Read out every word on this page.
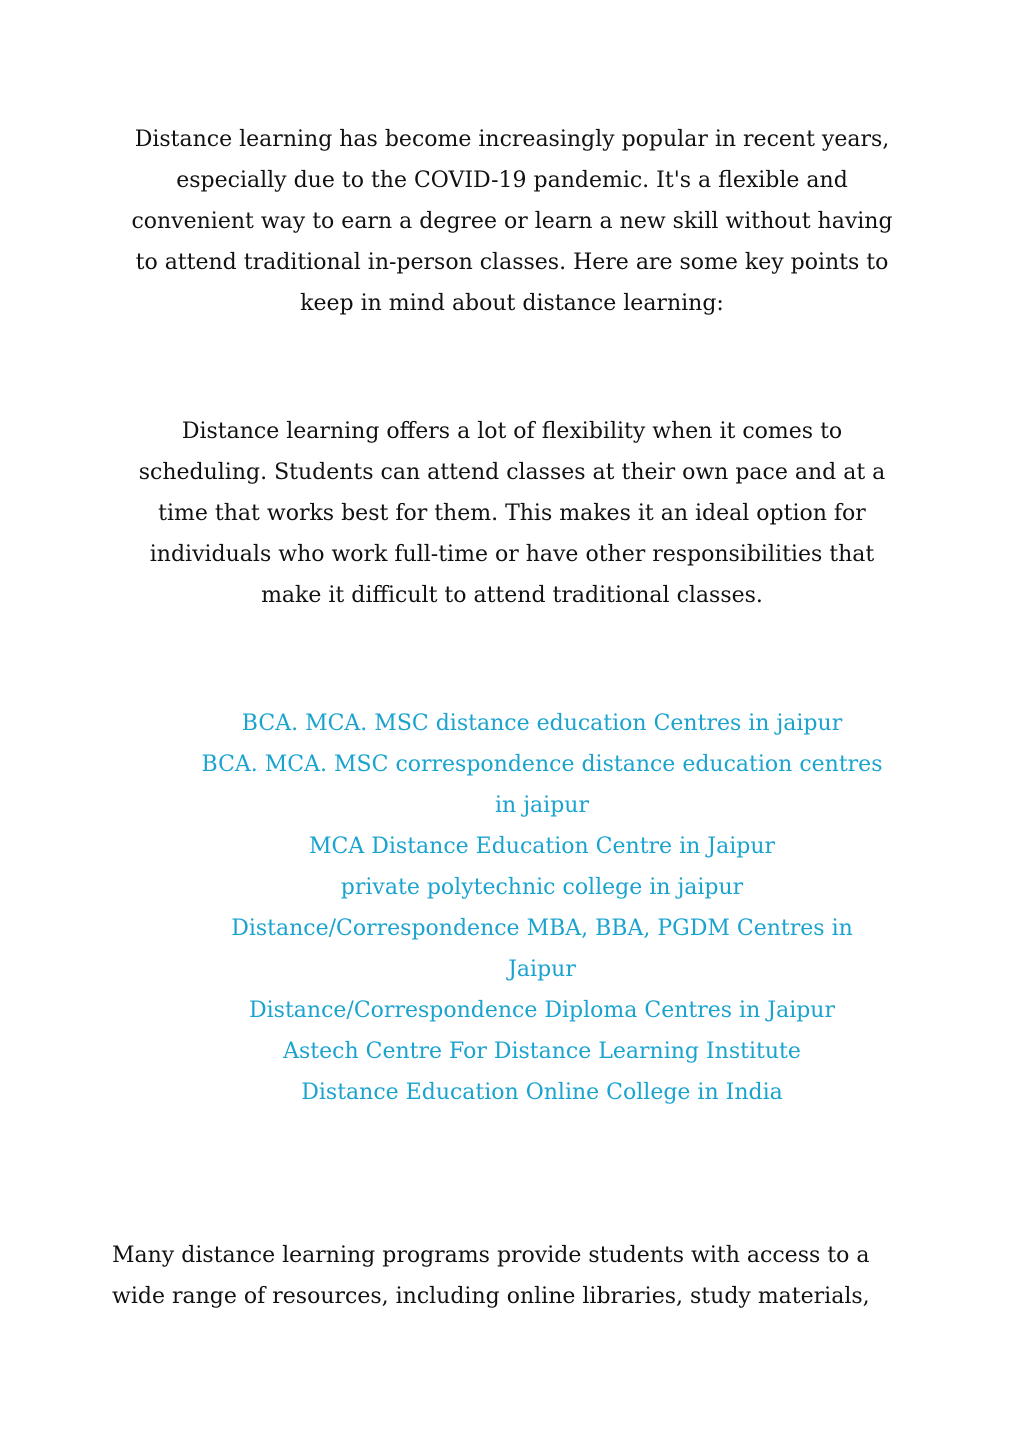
Distance learning has become increasingly popular in recent years,
especially due to the COVID-19 pandemic. It's a flexible and
convenient way to earn a degree or learn a new skill without having
to attend traditional in-person classes. Here are some key points to
keep in mind about distance learning:

Distance learning offers a lot of flexibility when it comes to
scheduling. Students can attend classes at their own pace and at a
time that works best for them. This makes it an ideal option for
individuals who work full-time or have other responsibilities that
make it difficult to attend traditional classes.

BCA. MCA. MSC distance education Centres in jaipur
BCA. MCA. MSC correspondence distance education centres
in jaipur
MCA Distance Education Centre in Jaipur
private polytechnic college in jaipur
Distance/Correspondence MBA, BBA, PGDM Centres in
Jaipur
Distance/Correspondence Diploma Centres in Jaipur
Astech Centre For Distance Learning Institute
Distance Education Online College in India

Many distance learning programs provide students with access to a
wide range of resources, including online libraries, study materials,
